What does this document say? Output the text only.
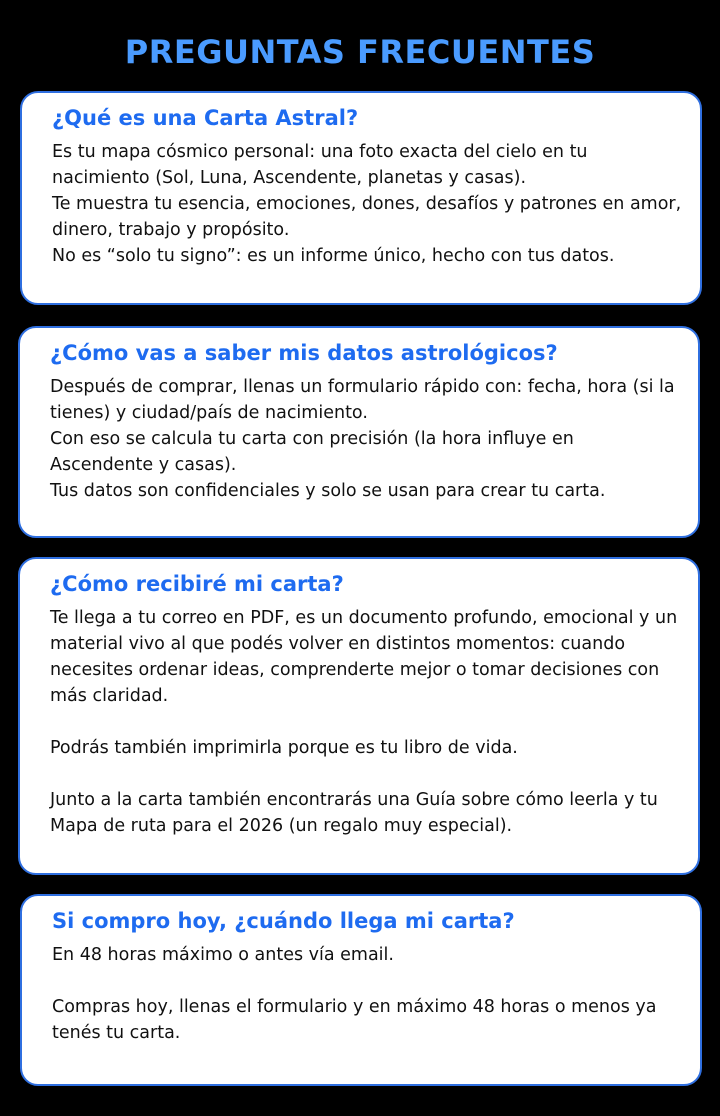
PREGUNTAS FRECUENTES
¿Qué es una Carta Astral?

Es tu mapa cósmico personal: una foto exacta del cielo en tu nacimiento (Sol, Luna, Ascendente, planetas y casas).

Te muestra tu esencia, emociones, dones, desafíos y patrones en amor, dinero, trabajo y propósito.

No es “solo tu signo”: es un informe único, hecho con tus datos.

¿Cómo vas a saber mis datos astrológicos?

Después de comprar, llenas un formulario rápido con: fecha, hora (si la tienes) y ciudad/país de nacimiento.

Con eso se calcula tu carta con precisión (la hora influye en Ascendente y casas).

Tus datos son confidenciales y solo se usan para crear tu carta.

¿Cómo recibiré mi carta?

Te llega a tu correo en PDF, es un documento profundo, emocional y un material vivo al que podés volver en distintos momentos: cuando necesites ordenar ideas, comprenderte mejor o tomar decisiones con más claridad.

Podrás también imprimirla porque es tu libro de vida.

Junto a la carta también encontrarás una Guía sobre cómo leerla y tu Mapa de ruta para el 2026 (un regalo muy especial).

Si compro hoy, ¿cuándo llega mi carta?

En 48 horas máximo o antes vía email.

Compras hoy, llenas el formulario y en máximo 48 horas o menos ya tenés tu carta.
